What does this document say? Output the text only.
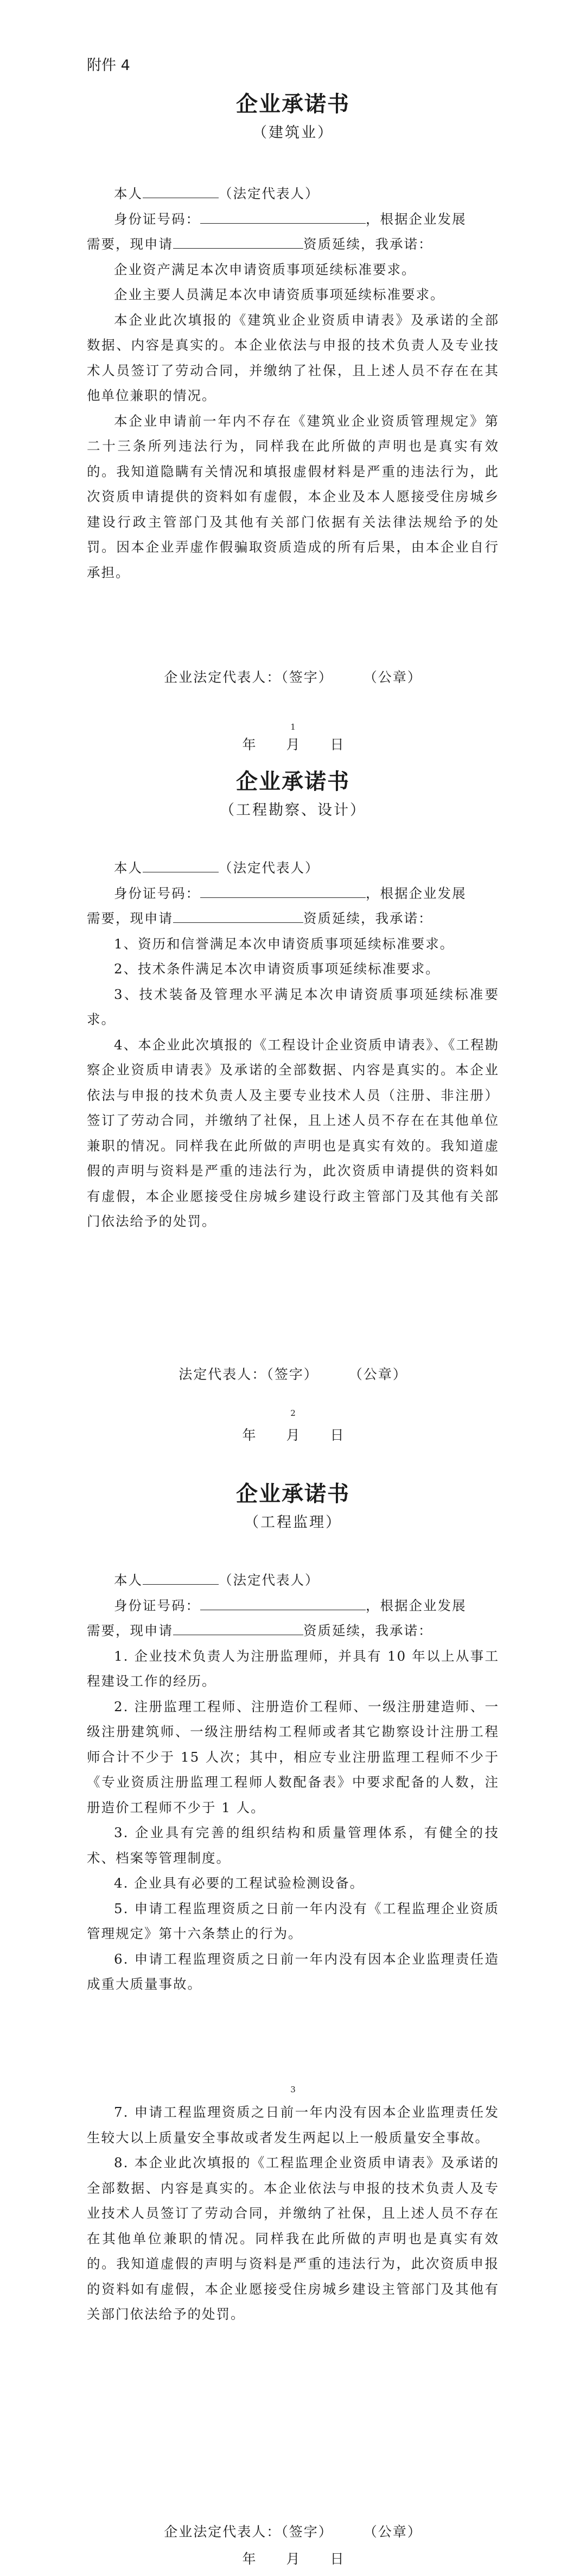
附件 4
企业承诺书
（建筑业）

本人	（法定代表人）

身份证号码：	，根据企业发展

需要，现申请	资质延续，我承诺：

企业资产满足本次申请资质事项延续标准要求。

企业主要人员满足本次申请资质事项延续标准要求。

本企业此次填报的《建筑业企业资质申请表》及承诺的全部数据、内容是真实的。本企业依法与申报的技术负责人及专业技术人员签订了劳动合同，并缴纳了社保，且上述人员不存在在其他单位兼职的情况。

本企业申请前一年内不存在《建筑业企业资质管理规定》第二十三条所列违法行为，同样我在此所做的声明也是真实有效的。我知道隐瞒有关情况和填报虚假材料是严重的违法行为，此次资质申请提供的资料如有虚假，本企业及本人愿接受住房城乡建设行政主管部门及其他有关部门依据有关法律法规给予的处罚。因本企业弄虚作假骗取资质造成的所有后果，由本企业自行承担。

企业法定代表人：（签字）　　　（公章）
1
年 月 日
企业承诺书
（工程勘察、设计）

本人	（法定代表人）

身份证号码：	，根据企业发展

需要，现申请	资质延续，我承诺：

1、资历和信誉满足本次申请资质事项延续标准要求。

2、技术条件满足本次申请资质事项延续标准要求。

3、技术装备及管理水平满足本次申请资质事项延续标准要求。

4、本企业此次填报的《工程设计企业资质申请表》、《工程勘察企业资质申请表》及承诺的全部数据、内容是真实的。本企业依法与申报的技术负责人及主要专业技术人员（注册、非注册）签订了劳动合同，并缴纳了社保，且上述人员不存在在其他单位兼职的情况。同样我在此所做的声明也是真实有效的。我知道虚假的声明与资料是严重的违法行为，此次资质申请提供的资料如有虚假，本企业愿接受住房城乡建设行政主管部门及其他有关部门依法给予的处罚。

法定代表人：（签字）　　　（公章）
2
年 月 日
企业承诺书
（工程监理）

本人	（法定代表人）

身份证号码：	，根据企业发展

需要，现申请	资质延续，我承诺：

1. 企业技术负责人为注册监理师，并具有 10 年以上从事工程建设工作的经历。

2. 注册监理工程师、注册造价工程师、一级注册建造师、一级注册建筑师、一级注册结构工程师或者其它勘察设计注册工程师合计不少于 15 人次；其中，相应专业注册监理工程师不少于《专业资质注册监理工程师人数配备表》中要求配备的人数，注册造价工程师不少于 1 人。

3. 企业具有完善的组织结构和质量管理体系，有健全的技术、档案等管理制度。

4. 企业具有必要的工程试验检测设备。

5. 申请工程监理资质之日前一年内没有《工程监理企业资质管理规定》第十六条禁止的行为。

6. 申请工程监理资质之日前一年内没有因本企业监理责任造成重大质量事故。

3

7. 申请工程监理资质之日前一年内没有因本企业监理责任发生较大以上质量安全事故或者发生两起以上一般质量安全事故。

8. 本企业此次填报的《工程监理企业资质申请表》及承诺的全部数据、内容是真实的。本企业依法与申报的技术负责人及专业技术人员签订了劳动合同，并缴纳了社保，且上述人员不存在在其他单位兼职的情况。同样我在此所做的声明也是真实有效的。我知道虚假的声明与资料是严重的违法行为，此次资质申报的资料如有虚假，本企业愿接受住房城乡建设主管部门及其他有关部门依法给予的处罚。

企业法定代表人：（签字）　　　（公章）
年 月 日
